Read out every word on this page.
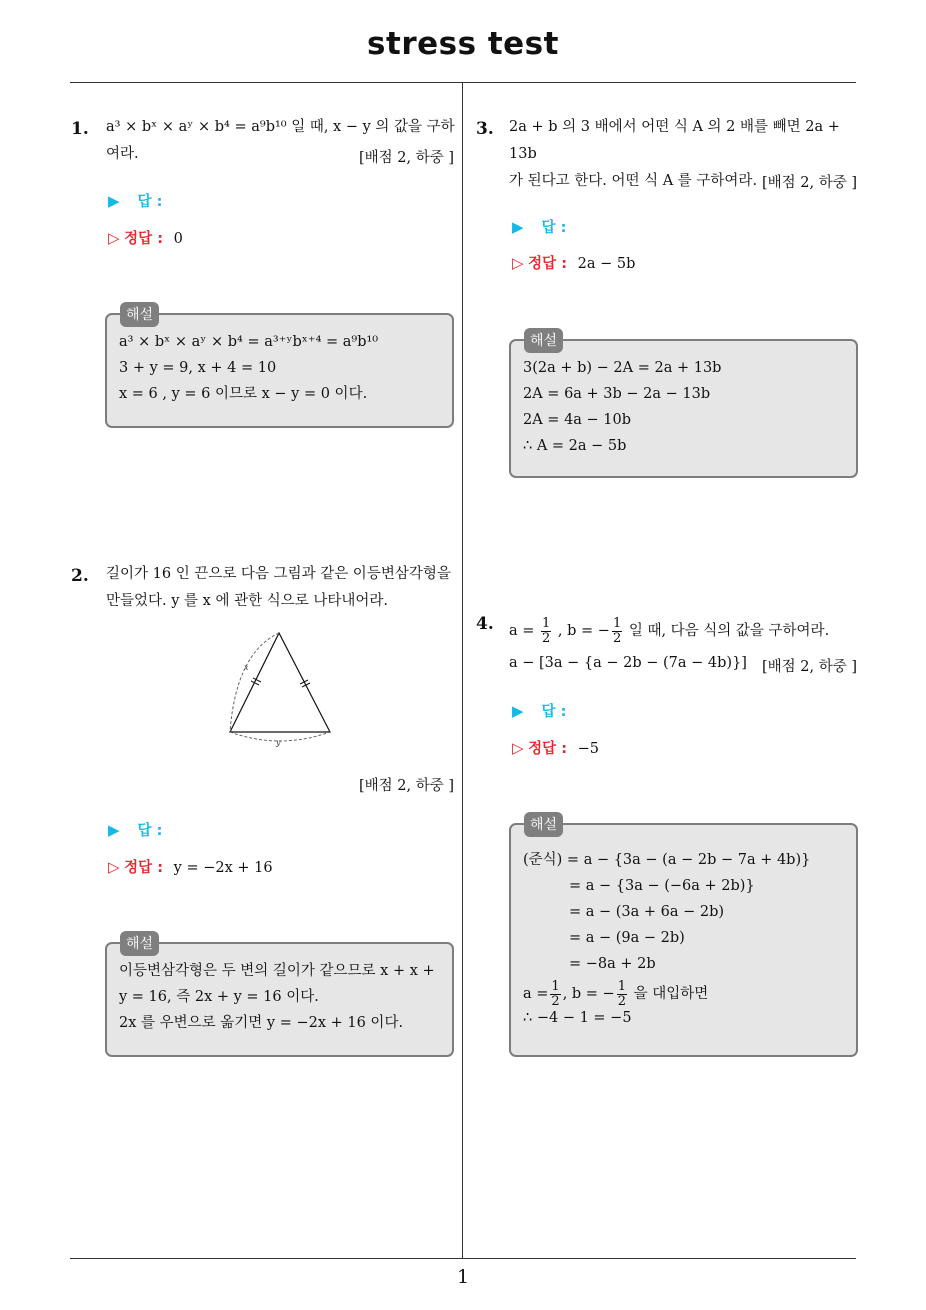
stress test
1. a³ × bˣ × aʸ × b⁴ = a⁹b¹⁰ 일 때, x − y 의 값을 구하
여라.	[배점 2, 하중 ]
▶ 답 :
▷ 정답 : 0
a³ × bˣ × aʸ × b⁴ = a³⁺ʸbˣ⁺⁴ = a⁹b¹⁰
3 + y = 9, x + 4 = 10
x = 6 , y = 6 이므로 x − y = 0 이다.
해설
2. 길이가 16 인 끈으로 다음 그림과 같은 이등변삼각형을
만들었다. y 를 x 에 관한 식으로 나타내어라.
x
y
[배점 2, 하중 ]
▶ 답 :
▷ 정답 : y = −2x + 16
이등변삼각형은 두 변의 길이가 같으므로 x + x +
y = 16, 즉 2x + y = 16 이다.
2x 를 우변으로 옮기면 y = −2x + 16 이다.
해설
3. 2a + b 의 3 배에서 어떤 식 A 의 2 배를 빼면 2a + 13b
가 된다고 한다. 어떤 식 A 를 구하여라. [배점 2, 하중 ]
▶ 답 :
▷ 정답 : 2a − 5b
3(2a + b) − 2A = 2a + 13b
2A = 6a + 3b − 2a − 13b
2A = 4a − 10b
∴ A = 2a − 5b
해설
4. $a = \frac{1}{2}$ , b = − $\frac{1}{2}$ 일 때, 다음 식의 값을 구하여라.
a − [3a − {a − 2b − (7a − 4b)}]	[배점 2, 하중 ]
▶ 답 :
▷ 정답 : −5
(준식) = a − {3a − (a − 2b − 7a + 4b)}
= a − {3a − (−6a + 2b)}
= a − (3a + 6a − 2b)
= a − (9a − 2b)
= −8a + 2b
$a = \frac{1}{2}$ , b = − $\frac{1}{2}$ 을 대입하면
∴ −4 − 1 = −5
해설
1
